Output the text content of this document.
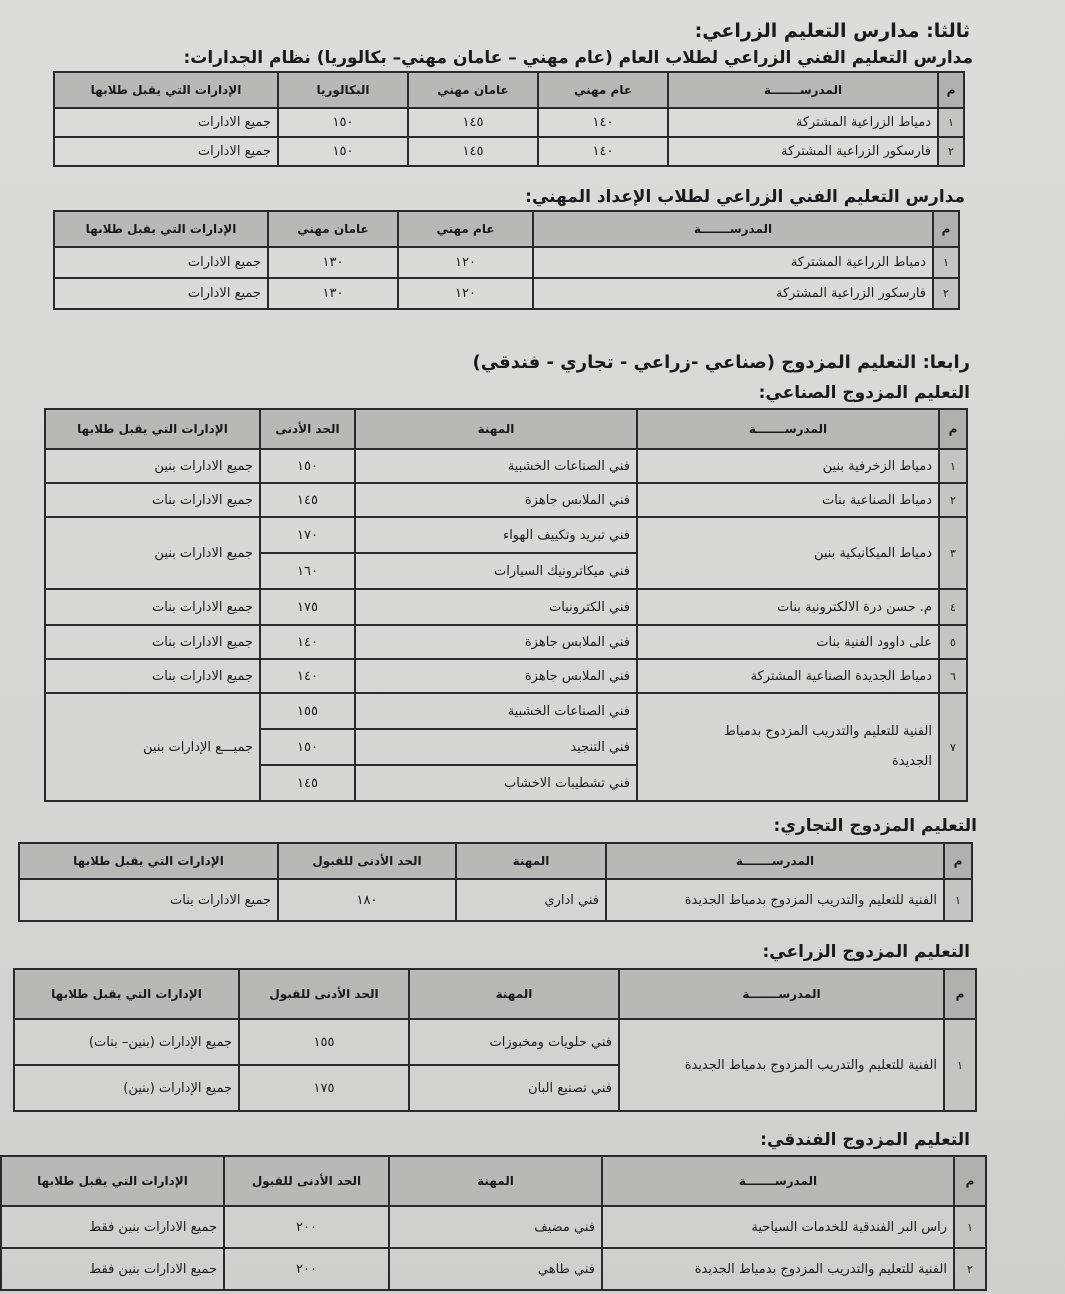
ثالثا: مدارس التعليم الزراعي:
مدارس التعليم الفني الزراعي لطلاب العام (عام مهني – عامان مهني– بكالوريا) نظام الجدارات:
م	المدرســـــــة	عام مهني	عامان مهني	البكالوريا	الإدارات التي يقبل طلابها
١	دمياط الزراعية المشتركة	١٤٠	١٤٥	١٥٠	جميع الادارات
٢	فارسكور الزراعية المشتركة	١٤٠	١٤٥	١٥٠	جميع الادارات
مدارس التعليم الفني الزراعي لطلاب الإعداد المهني:
م	المدرســـــــة	عام مهني	عامان مهني	الإدارات التي يقبل طلابها
١	دمياط الزراعية المشتركة	١٢٠	١٣٠	جميع الادارات
٢	فارسكور الزراعية المشتركة	١٢٠	١٣٠	جميع الادارات
رابعا: التعليم المزدوج (صناعي -زراعي - تجاري - فندقي)
التعليم المزدوج الصناعي:
م	المدرســـــــة	المهنة	الحد الأدنى	الإدارات التي يقبل طلابها
١	دمياط الزخرفية بنين	فني الصناعات الخشبية	١٥٠	جميع الادارات بنين
٢	دمياط الصناعية بنات	فني الملابس جاهزة	١٤٥	جميع الادارات بنات
٣	دمياط الميكانيكية بنين	فني تبريد وتكييف الهواء	١٧٠	جميع الادارات بنين
		فني ميكاترونيك السيارات	١٦٠	
٤	م. حسن درة الالكترونية بنات	فني الكترونيات	١٧٥	جميع الادارات بنات
٥	على داوود الفنية بنات	فني الملابس جاهزة	١٤٠	جميع الادارات بنات
٦	دمياط الجديدة الصناعية المشتركة	فني الملابس جاهزة	١٤٠	جميع الادارات بنات
٧	الفنية للتعليم والتدريب المزدوج بدمياط
الجديدة	فني الصناعات الخشبية	١٥٥	جميـــع الإدارات بنين
		فني التنجيد	١٥٠	
		فني تشطيبات الاخشاب	١٤٥	
التعليم المزدوج التجاري:
م	المدرســـــــة	المهنة	الحد الأدنى للقبول	الإدارات التي يقبل طلابها
١	الفنية للتعليم والتدريب المزدوج بدمياط الجديدة	فني اداري	١٨٠	جميع الادارات بنات
التعليم المزدوج الزراعي:
م	المدرســـــــة	المهنة	الحد الأدنى للقبول	الإدارات التي يقبل طلابها
١	الفنية للتعليم والتدريب المزدوج بدمياط الجديدة	فني حلويات ومخبوزات	١٥٥	جميع الإدارات (بنين– بنات)
		فني تصنيع البان	١٧٥	جميع الإدارات (بنين)
التعليم المزدوج الفندقي:
م	المدرســـــــة	المهنة	الحد الأدنى للقبول	الإدارات التي يقبل طلابها
١	راس البر الفندقية للخدمات السياحية	فني مضيف	٢٠٠	جميع الادارات بنين فقط
٢	الفنية للتعليم والتدريب المزدوج بدمياط الجديدة	فني طاهي	٢٠٠	جميع الادارات بنين فقط
